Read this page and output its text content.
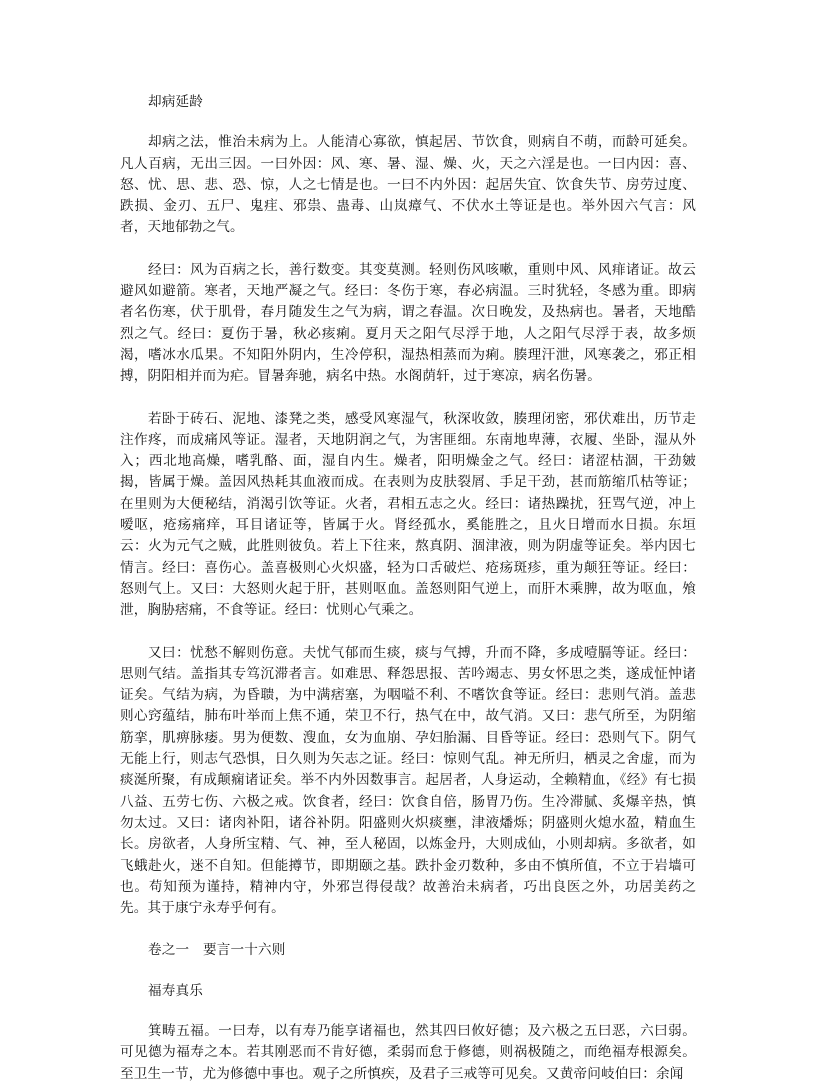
却病延龄

却病之法，惟治未病为上。人能清心寡欲，慎起居、节饮食，则病自不萌，而龄可延矣。凡人百病，无出三因。一曰外因：风、寒、暑、湿、燥、火，天之六淫是也。一曰内因：喜、怒、忧、思、悲、恐、惊，人之七情是也。一曰不内外因：起居失宜、饮食失节、房劳过度、跌损、金刃、五尸、鬼疰、邪祟、蛊毒、山岚瘴气、不伏水土等证是也。举外因六气言：风者，天地郁勃之气。

经曰：风为百病之长，善行数变。其变莫测。轻则伤风咳嗽，重则中风、风痱诸证。故云避风如避箭。寒者，天地严凝之气。经曰：冬伤于寒，春必病温。三时犹轻，冬感为重。即病者名伤寒，伏于肌骨，春月随发生之气为病，谓之春温。次日晚发，及热病也。暑者，天地酷烈之气。经曰：夏伤于暑，秋必痎痢。夏月天之阳气尽浮于地，人之阳气尽浮于表，故多烦渴，嗜冰水瓜果。不知阳外阴内，生冷停积，湿热相蒸而为痢。腠理汗泄，风寒袭之，邪正相搏，阴阳相并而为疟。冒暑奔驰，病名中热。水阁荫轩，过于寒凉，病名伤暑。

若卧于砖石、泥地、漆凳之类，感受风寒湿气，秋深收敛，腠理闭密，邪伏难出，历节走注作疼，而成痛风等证。湿者，天地阴润之气，为害匪细。东南地卑薄，衣履、坐卧，湿从外入；西北地高燥，嗜乳酪、面，湿自内生。燥者，阳明燥金之气。经曰：诸涩枯涸，干劲皴揭，皆属于燥。盖因风热耗其血液而成。在表则为皮肤裂屑、手足干劲，甚而筋缩爪枯等证；在里则为大便秘结，消渴引饮等证。火者，君相五志之火。经曰：诸热躁扰，狂骂气逆，冲上嗳呕，疮疡痛痒，耳目诸证等，皆属于火。肾经孤水，奚能胜之，且火日增而水日损。东垣云：火为元气之贼，此胜则彼负。若上下往来，熬真阴、涸津液，则为阴虚等证矣。举内因七情言。经曰：喜伤心。盖喜极则心火炽盛，轻为口舌破烂、疮疡斑疹，重为颠狂等证。经曰：怒则气上。又曰：大怒则火起于肝，甚则呕血。盖怒则阳气逆上，而肝木乘脾，故为呕血，飧泄，胸胁痞痛，不食等证。经曰：忧则心气乘之。

又曰：忧愁不解则伤意。夫忧气郁而生痰，痰与气搏，升而不降，多成噎膈等证。经曰：思则气结。盖指其专笃沉滞者言。如难思、释怨思报、苦吟竭志、男女怀思之类，遂成怔忡诸证矣。气结为病，为昏聩，为中满痞塞，为咽嗌不利、不嗜饮食等证。经曰：悲则气消。盖悲则心窍蕴结，肺布叶举而上焦不通，荣卫不行，热气在中，故气消。又曰：悲气所至，为阴缩筋挛，肌痹脉痿。男为便数、溲血，女为血崩、孕妇胎漏、目昏等证。经曰：恐则气下。阴气无能上行，则志气恐惧，日久则为矢志之证。经曰：惊则气乱。神无所归，栖灵之舍虚，而为痰涎所聚，有成颠痫诸证矣。举不内外因数事言。起居者，人身运动，全赖精血，《经》有七损八益、五劳七伤、六极之戒。饮食者，经曰：饮食自倍，肠胃乃伤。生冷滞腻、炙爆辛热，慎勿太过。又曰：诸肉补阳，诸谷补阴。阳盛则火炽痰壅，津液燔烁；阴盛则火熄水盈，精血生长。房欲者，人身所宝精、气、神，至人秘固，以炼金丹，大则成仙，小则却病。多欲者，如飞蛾赴火，迷不自知。但能撙节，即期颐之基。跌扑金刃数种，多由不慎所值，不立于岩墙可也。苟知预为谨持，精神内守，外邪岂得侵哉？故善治未病者，巧出良医之外，功居美药之先。其于康宁永寿乎何有。

卷之一　要言一十六则

福寿真乐

箕畴五福。一曰寿，以有寿乃能享诸福也，然其四曰攸好德；及六极之五曰恶，六曰弱。可见德为福寿之本。若其刚恶而不肯好德，柔弱而怠于修德，则祸极随之，而绝福寿根源矣。至卫生一节，尤为修德中事也。观子之所慎疾，及君子三戒等可见矣。又黄帝问岐伯曰：余闻
